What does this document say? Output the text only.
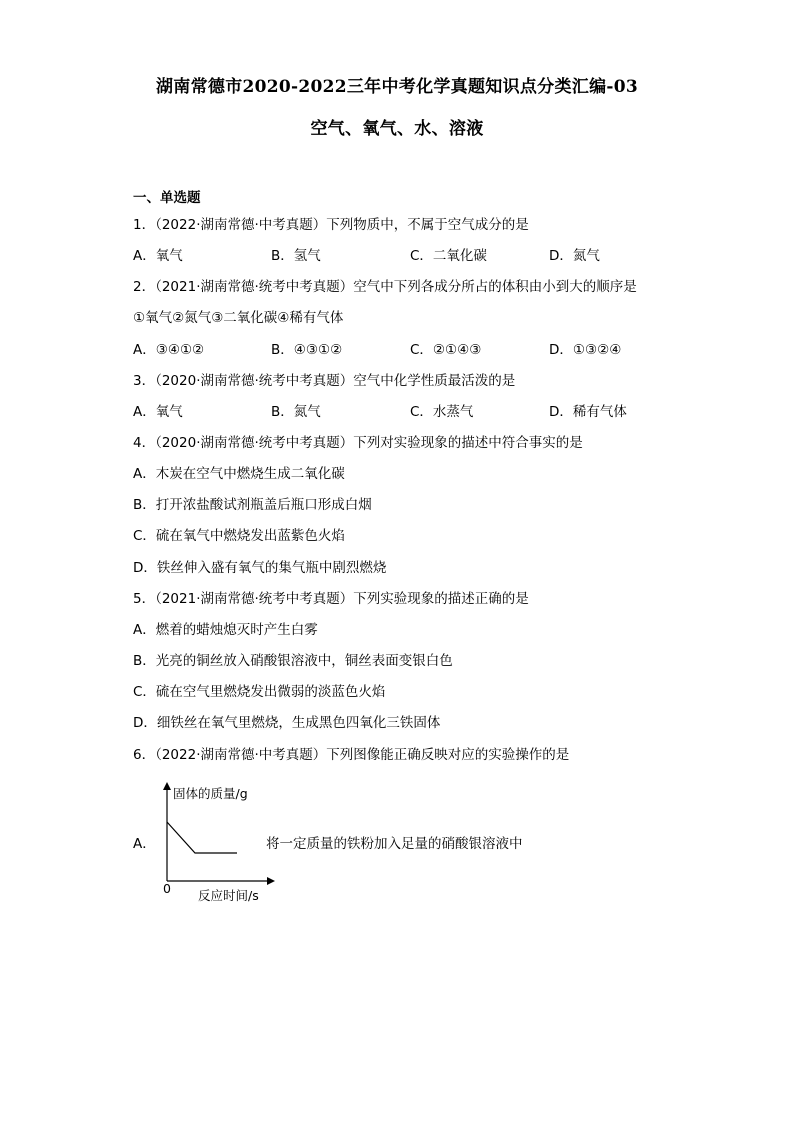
湖南常德市2020-2022三年中考化学真题知识点分类汇编-03
空气、氧气、水、溶液
一、单选题
1．（2022·湖南常德·中考真题）下列物质中，不属于空气成分的是
A．氧气	B．氢气	C．二氧化碳	D．氮气
2．（2021·湖南常德·统考中考真题）空气中下列各成分所占的体积由小到大的顺序是
①氧气②氮气③二氧化碳④稀有气体
A．③④①②	B．④③①②	C．②①④③	D．①③②④
3．（2020·湖南常德·统考中考真题）空气中化学性质最活泼的是
A．氧气	B．氮气	C．水蒸气	D．稀有气体
4．（2020·湖南常德·统考中考真题）下列对实验现象的描述中符合事实的是
A．木炭在空气中燃烧生成二氧化碳
B．打开浓盐酸试剂瓶盖后瓶口形成白烟
C．硫在氧气中燃烧发出蓝紫色火焰
D．铁丝伸入盛有氧气的集气瓶中剧烈燃烧
5．（2021·湖南常德·统考中考真题）下列实验现象的描述正确的是
A．燃着的蜡烛熄灭时产生白雾
B．光亮的铜丝放入硝酸银溶液中，铜丝表面变银白色
C．硫在空气里燃烧发出微弱的淡蓝色火焰
D．细铁丝在氧气里燃烧，生成黑色四氧化三铁固体
6．（2022·湖南常德·中考真题）下列图像能正确反映对应的实验操作的是
A．
固体的质量/g
0 反应时间/s
将一定质量的铁粉加入足量的硝酸银溶液中
